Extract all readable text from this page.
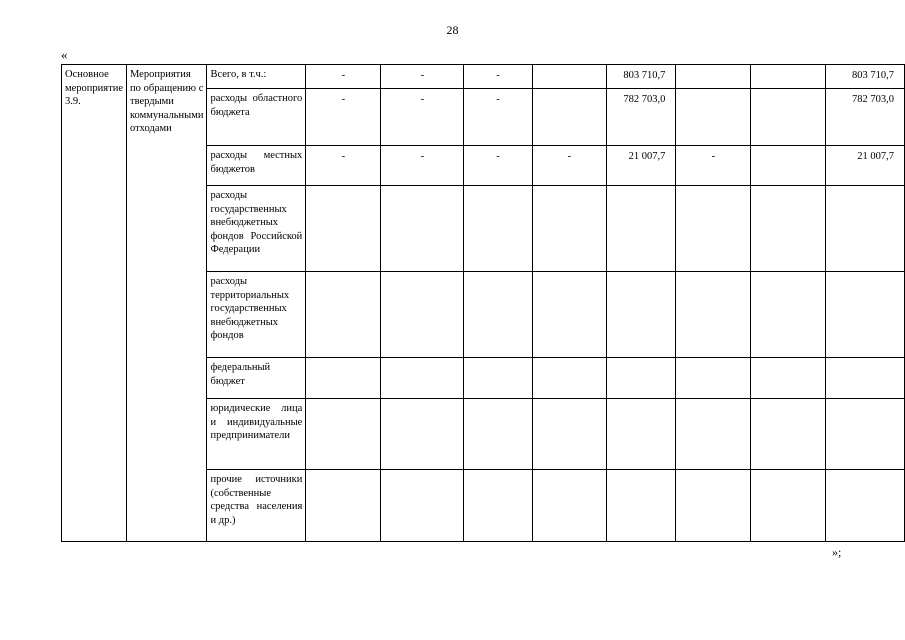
28
«
Основное мероприятие 3.9.	Мероприятия по обращению с твердыми коммунальными отходами	Всего, в т.ч.:	-	-	-		803 710,7			803 710,7
		расходы областного бюджета	-	-	-		782 703,0			782 703,0
		расходы местных бюджетов	-	-	-	-	21 007,7	-		21 007,7
		расходы государственных внебюджетных фондов Российской Федерации								
		расходы территориальных государственных внебюджетных фондов								
		федеральный бюджет								
		юридические лица и индивидуальные предприниматели								
		прочие источники (собственные средства населения и др.)								
»;
